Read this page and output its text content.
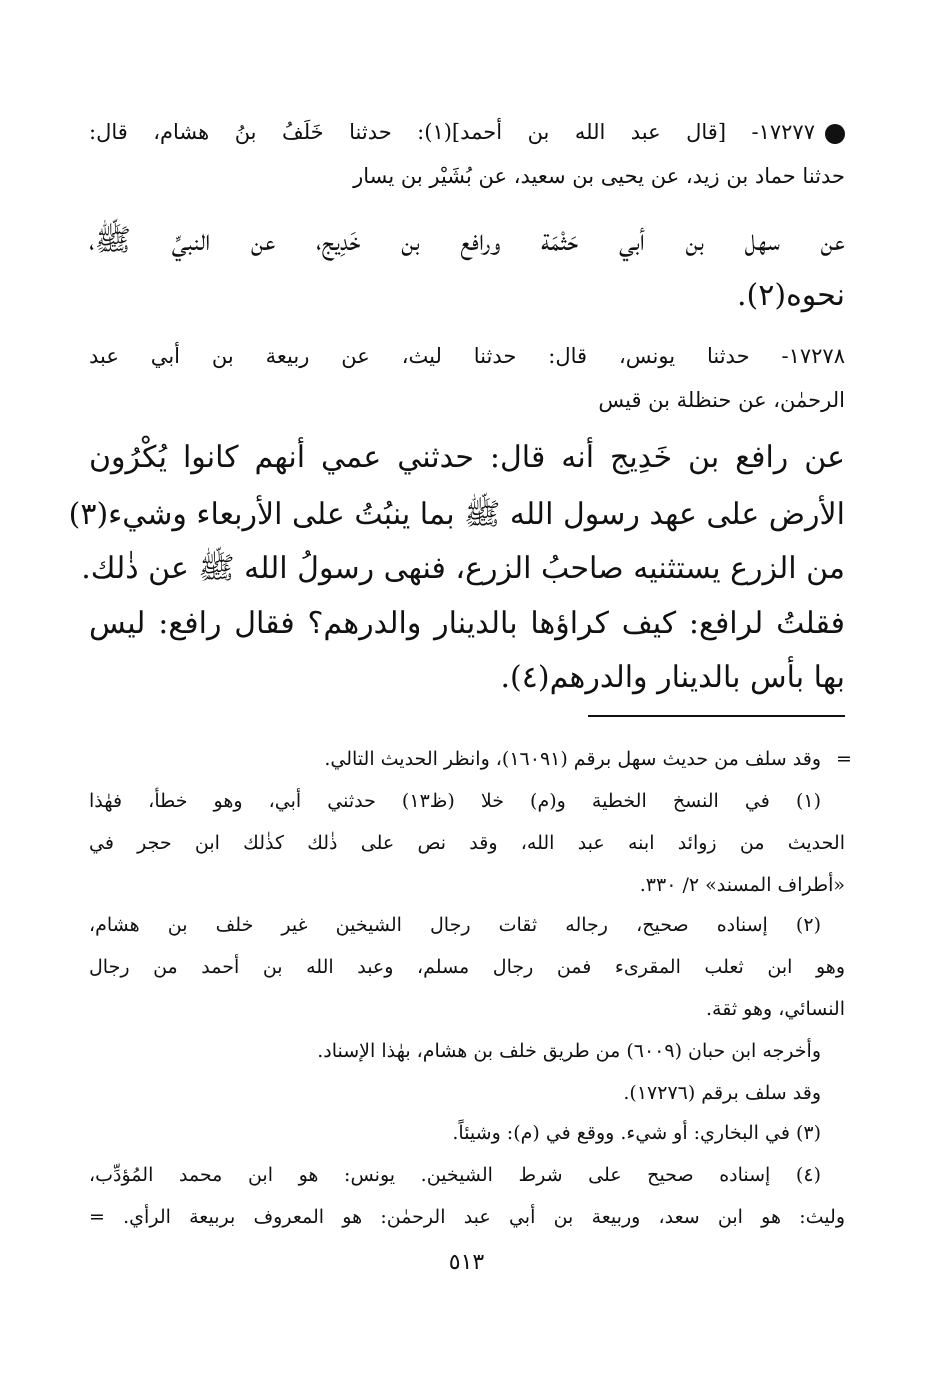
١٧٢٧٧- [قال عبد الله بن أحمد](١): حدثنا خَلَفُ بنُ هشام، قال:
حدثنا حماد بن زيد، عن يحيى بن سعيد، عن بُشَيْر بن يسار
عن سهل بن أبي حَثْمَة ورافع بن خَدِيج، عن النبيِّ ﷺ،
نحوه(٢).
١٧٢٧٨- حدثنا يونس، قال: حدثنا ليث، عن ربيعة بن أبي عبد
الرحمٰن، عن حنظلة بن قيس
عن رافع بن خَدِيج أنه قال: حدثني عمي أنهم كانوا يُكْرُون
الأرض على عهد رسول الله ﷺ بما ينبُتُ على الأربعاء وشيء(٣)
من الزرع يستثنيه صاحبُ الزرع، فنهى رسولُ الله ﷺ عن ذٰلك.
فقلتُ لرافع: كيف كراؤها بالدينار والدرهم؟ فقال رافع: ليس
بها بأس بالدينار والدرهم(٤).
=
وقد سلف من حديث سهل برقم (١٦٠٩١)، وانظر الحديث التالي.
(١) في النسخ الخطية و(م) خلا (ظ١٣) حدثني أبي، وهو خطأ، فهٰذا
الحديث من زوائد ابنه عبد الله، وقد نص على ذٰلك كذٰلك ابن حجر في
«أطراف المسند» ٢/ ٣٣٠.
(٢) إسناده صحيح، رجاله ثقات رجال الشيخين غير خلف بن هشام،
وهو ابن ثعلب المقرىء فمن رجال مسلم، وعبد الله بن أحمد من رجال
النسائي، وهو ثقة.
وأخرجه ابن حبان (٦٠٠٩) من طريق خلف بن هشام، بهٰذا الإسناد.
وقد سلف برقم (١٧٢٧٦).
(٣) في البخاري: أو شيء. ووقع في (م): وشيئاً.
(٤) إسناده صحيح على شرط الشيخين. يونس: هو ابن محمد المُؤدِّب،
وليث: هو ابن سعد، وربيعة بن أبي عبد الرحمٰن: هو المعروف بربيعة الرأي. =
٥١٣
